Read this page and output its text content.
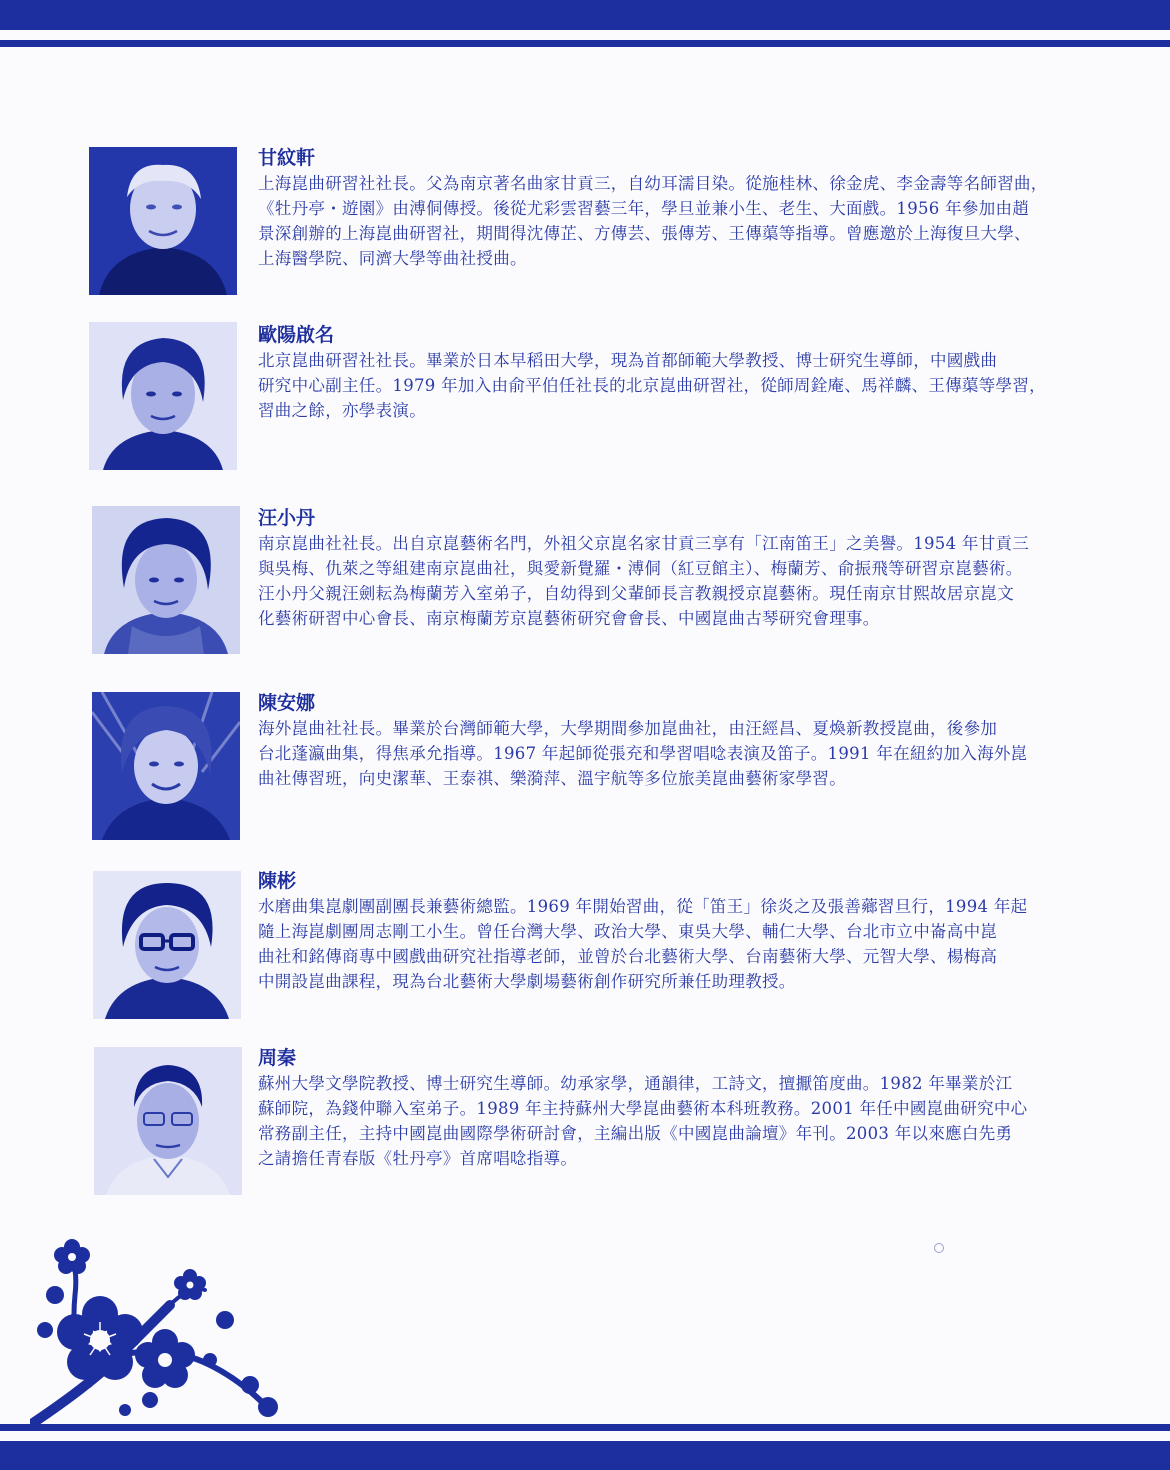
甘紋軒
上海崑曲研習社社長。父為南京著名曲家甘貢三，自幼耳濡目染。從施桂林、徐金虎、李金壽等名師習曲，
《牡丹亭・遊園》由溥侗傳授。後從尤彩雲習藝三年，學旦並兼小生、老生、大面戲。1956 年參加由趙
景深創辦的上海崑曲研習社，期間得沈傳芷、方傳芸、張傳芳、王傳蕖等指導。曾應邀於上海復旦大學、
上海醫學院、同濟大學等曲社授曲。
歐陽啟名
北京崑曲研習社社長。畢業於日本早稻田大學，現為首都師範大學教授、博士研究生導師，中國戲曲
研究中心副主任。1979 年加入由俞平伯任社長的北京崑曲研習社，從師周銓庵、馬祥麟、王傳蕖等學習，
習曲之餘，亦學表演。
汪小丹
南京崑曲社社長。出自京崑藝術名門，外祖父京崑名家甘貢三享有「江南笛王」之美譽。1954 年甘貢三
與吳梅、仇萊之等組建南京崑曲社，與愛新覺羅・溥侗（紅豆館主）、梅蘭芳、俞振飛等研習京崑藝術。
汪小丹父親汪劍耘為梅蘭芳入室弟子，自幼得到父輩師長言教親授京崑藝術。現任南京甘熙故居京崑文
化藝術研習中心會長、南京梅蘭芳京崑藝術研究會會長、中國崑曲古琴研究會理事。
陳安娜
海外崑曲社社長。畢業於台灣師範大學，大學期間參加崑曲社，由汪經昌、夏煥新教授崑曲，後參加
台北蓬瀛曲集，得焦承允指導。1967 年起師從張充和學習唱唸表演及笛子。1991 年在紐約加入海外崑
曲社傳習班，向史潔華、王泰祺、樂漪萍、溫宇航等多位旅美崑曲藝術家學習。
陳彬
水磨曲集崑劇團副團長兼藝術總監。1969 年開始習曲，從「笛王」徐炎之及張善薌習旦行，1994 年起
隨上海崑劇團周志剛工小生。曾任台灣大學、政治大學、東吳大學、輔仁大學、台北市立中崙高中崑
曲社和銘傳商專中國戲曲研究社指導老師，並曾於台北藝術大學、台南藝術大學、元智大學、楊梅高
中開設崑曲課程，現為台北藝術大學劇場藝術創作研究所兼任助理教授。
周秦
蘇州大學文學院教授、博士研究生導師。幼承家學，通韻律，工詩文，擅擫笛度曲。1982 年畢業於江
蘇師院，為錢仲聯入室弟子。1989 年主持蘇州大學崑曲藝術本科班教務。2001 年任中國崑曲研究中心
常務副主任，主持中國崑曲國際學術研討會，主編出版《中國崑曲論壇》年刊。2003 年以來應白先勇
之請擔任青春版《牡丹亭》首席唱唸指導。
